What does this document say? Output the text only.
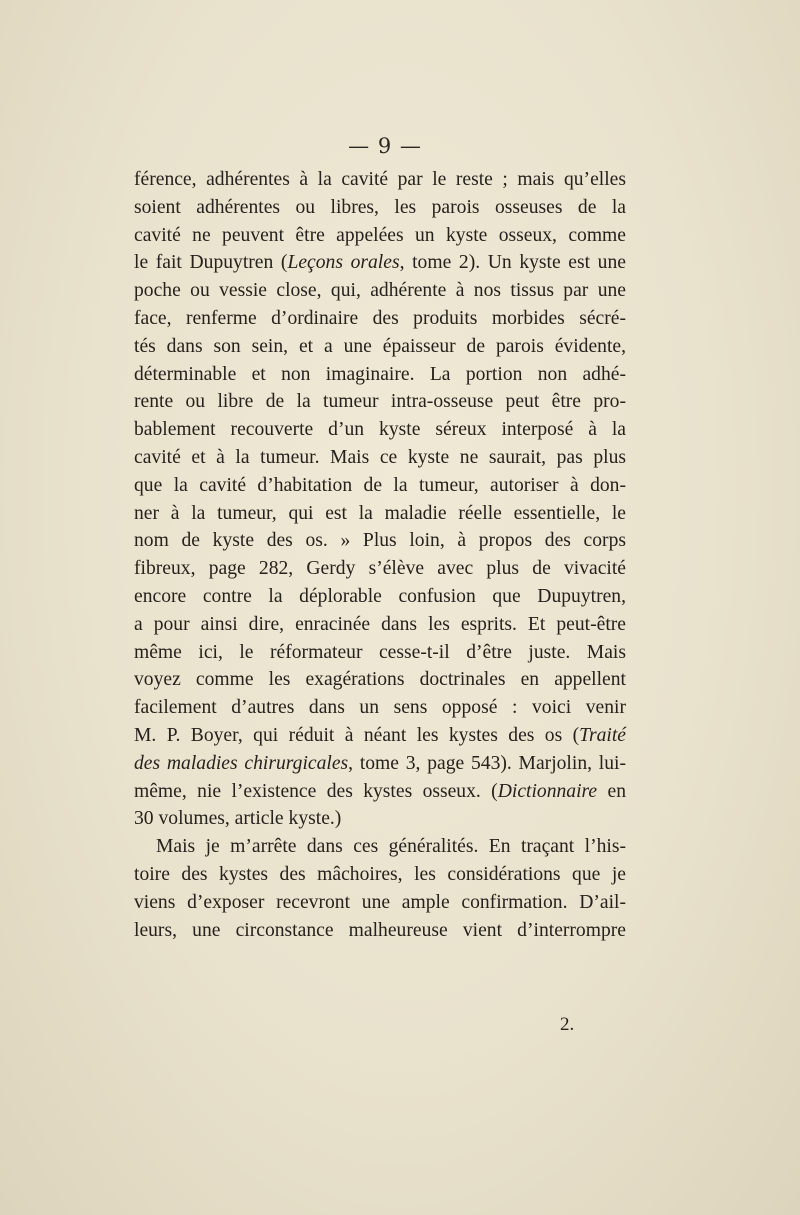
— 9 —
férence, adhérentes à la cavité par le reste ; mais qu’elles
soient adhérentes ou libres, les parois osseuses de la
cavité ne peuvent être appelées un kyste osseux, comme
le fait Dupuytren (Leçons orales, tome 2). Un kyste est une
poche ou vessie close, qui, adhérente à nos tissus par une
face, renferme d’ordinaire des produits morbides sécré-
tés dans son sein, et a une épaisseur de parois évidente,
déterminable et non imaginaire. La portion non adhé-
rente ou libre de la tumeur intra-osseuse peut être pro-
bablement recouverte d’un kyste séreux interposé à la
cavité et à la tumeur. Mais ce kyste ne saurait, pas plus
que la cavité d’habitation de la tumeur, autoriser à don-
ner à la tumeur, qui est la maladie réelle essentielle, le
nom de kyste des os. » Plus loin, à propos des corps
fibreux, page 282, Gerdy s’élève avec plus de vivacité
encore contre la déplorable confusion que Dupuytren,
a pour ainsi dire, enracinée dans les esprits. Et peut-être
même ici, le réformateur cesse-t-il d’être juste. Mais
voyez comme les exagérations doctrinales en appellent
facilement d’autres dans un sens opposé : voici venir
M. P. Boyer, qui réduit à néant les kystes des os (Traité
des maladies chirurgicales, tome 3, page 543). Marjolin, lui-
même, nie l’existence des kystes osseux. (Dictionnaire en
30 volumes, article kyste.)
Mais je m’arrête dans ces généralités. En traçant l’his-
toire des kystes des mâchoires, les considérations que je
viens d’exposer recevront une ample confirmation. D’ail-
leurs, une circonstance malheureuse vient d’interrompre
2.
